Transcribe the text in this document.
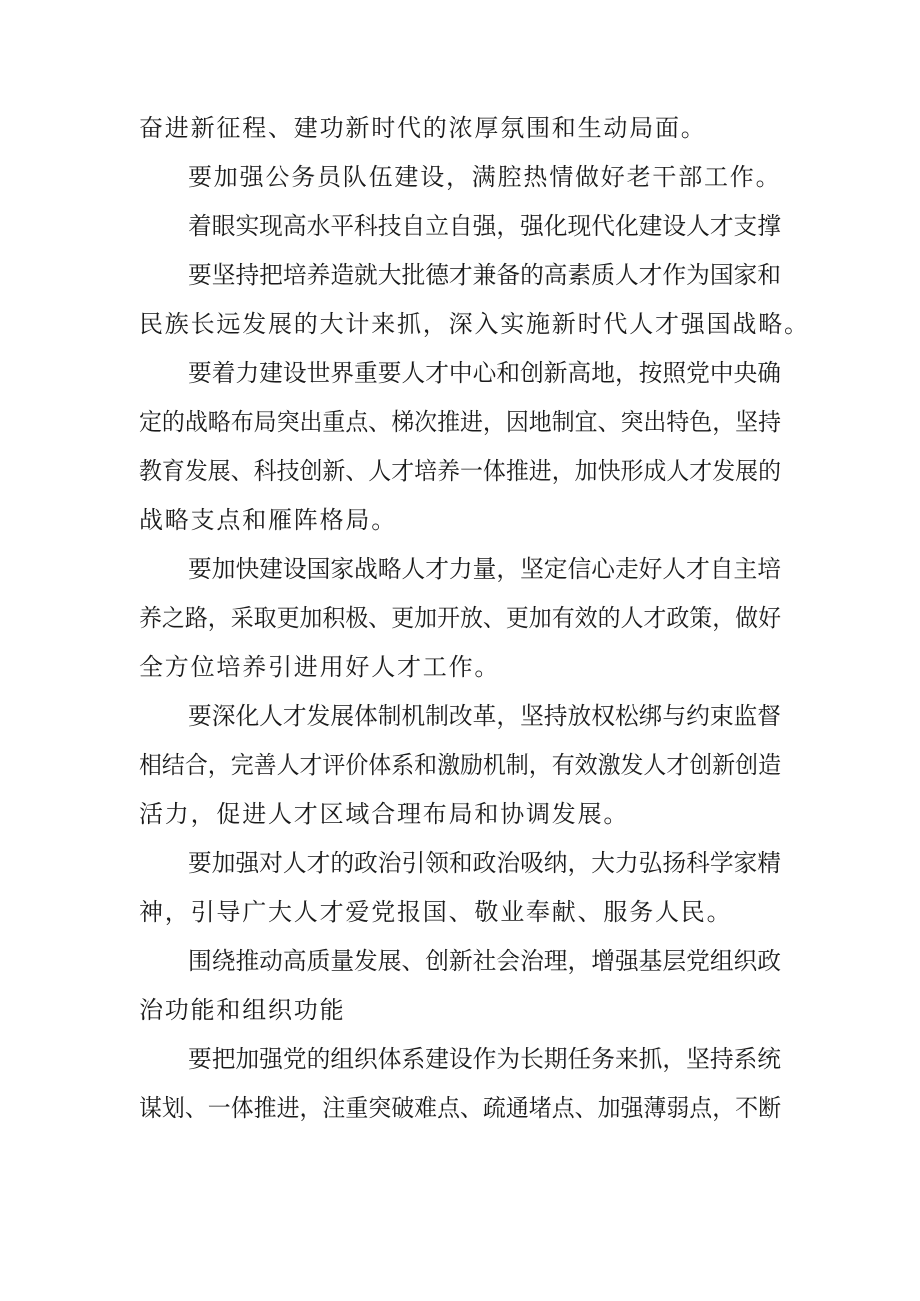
奋进新征程、建功新时代的浓厚氛围和生动局面。
要加强公务员队伍建设，满腔热情做好老干部工作。
着眼实现高水平科技自立自强，强化现代化建设人才支撑
要坚持把培养造就大批德才兼备的高素质人才作为国家和
民族长远发展的大计来抓，深入实施新时代人才强国战略。
要着力建设世界重要人才中心和创新高地，按照党中央确
定的战略布局突出重点、梯次推进，因地制宜、突出特色，坚持
教育发展、科技创新、人才培养一体推进，加快形成人才发展的
战略支点和雁阵格局。
要加快建设国家战略人才力量，坚定信心走好人才自主培
养之路，采取更加积极、更加开放、更加有效的人才政策，做好
全方位培养引进用好人才工作。
要深化人才发展体制机制改革，坚持放权松绑与约束监督
相结合，完善人才评价体系和激励机制，有效激发人才创新创造
活力，促进人才区域合理布局和协调发展。
要加强对人才的政治引领和政治吸纳，大力弘扬科学家精
神，引导广大人才爱党报国、敬业奉献、服务人民。
围绕推动高质量发展、创新社会治理，增强基层党组织政
治功能和组织功能
要把加强党的组织体系建设作为长期任务来抓，坚持系统
谋划、一体推进，注重突破难点、疏通堵点、加强薄弱点，不断
